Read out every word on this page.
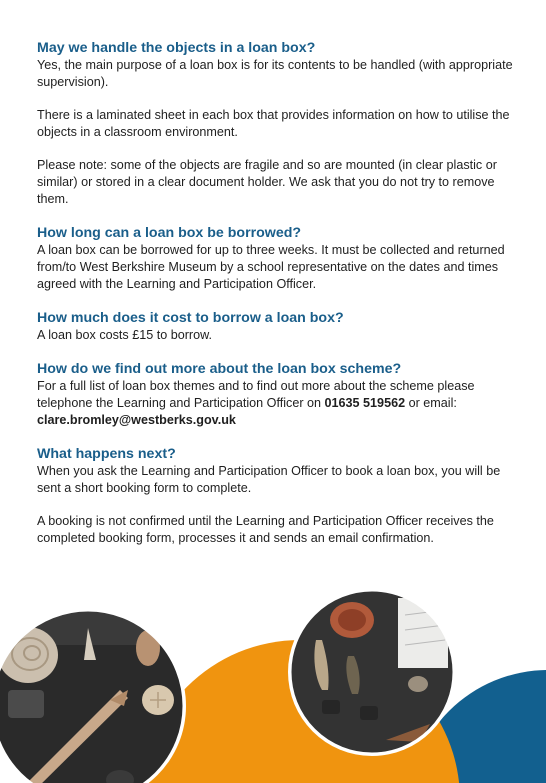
May we handle the objects in a loan box?

Yes, the main purpose of a loan box is for its contents to be handled (with appropriate supervision).

There is a laminated sheet in each box that provides information on how to utilise the objects in a classroom environment.

Please note: some of the objects are fragile and so are mounted (in clear plastic or similar) or stored in a clear document holder. We ask that you do not try to remove them.

How long can a loan box be borrowed?

A loan box can be borrowed for up to three weeks. It must be collected and returned from/to West Berkshire Museum by a school representative on the dates and times agreed with the Learning and Participation Officer.

How much does it cost to borrow a loan box?

A loan box costs £15 to borrow.

How do we find out more about the loan box scheme?

For a full list of loan box themes and to find out more about the scheme please telephone the Learning and Participation Officer on 01635 519562 or email: clare.bromley@westberks.gov.uk

What happens next?

When you ask the Learning and Participation Officer to book a loan box, you will be sent a short booking form to complete.

A booking is not confirmed until the Learning and Participation Officer receives the completed booking form, processes it and sends an email confirmation.
